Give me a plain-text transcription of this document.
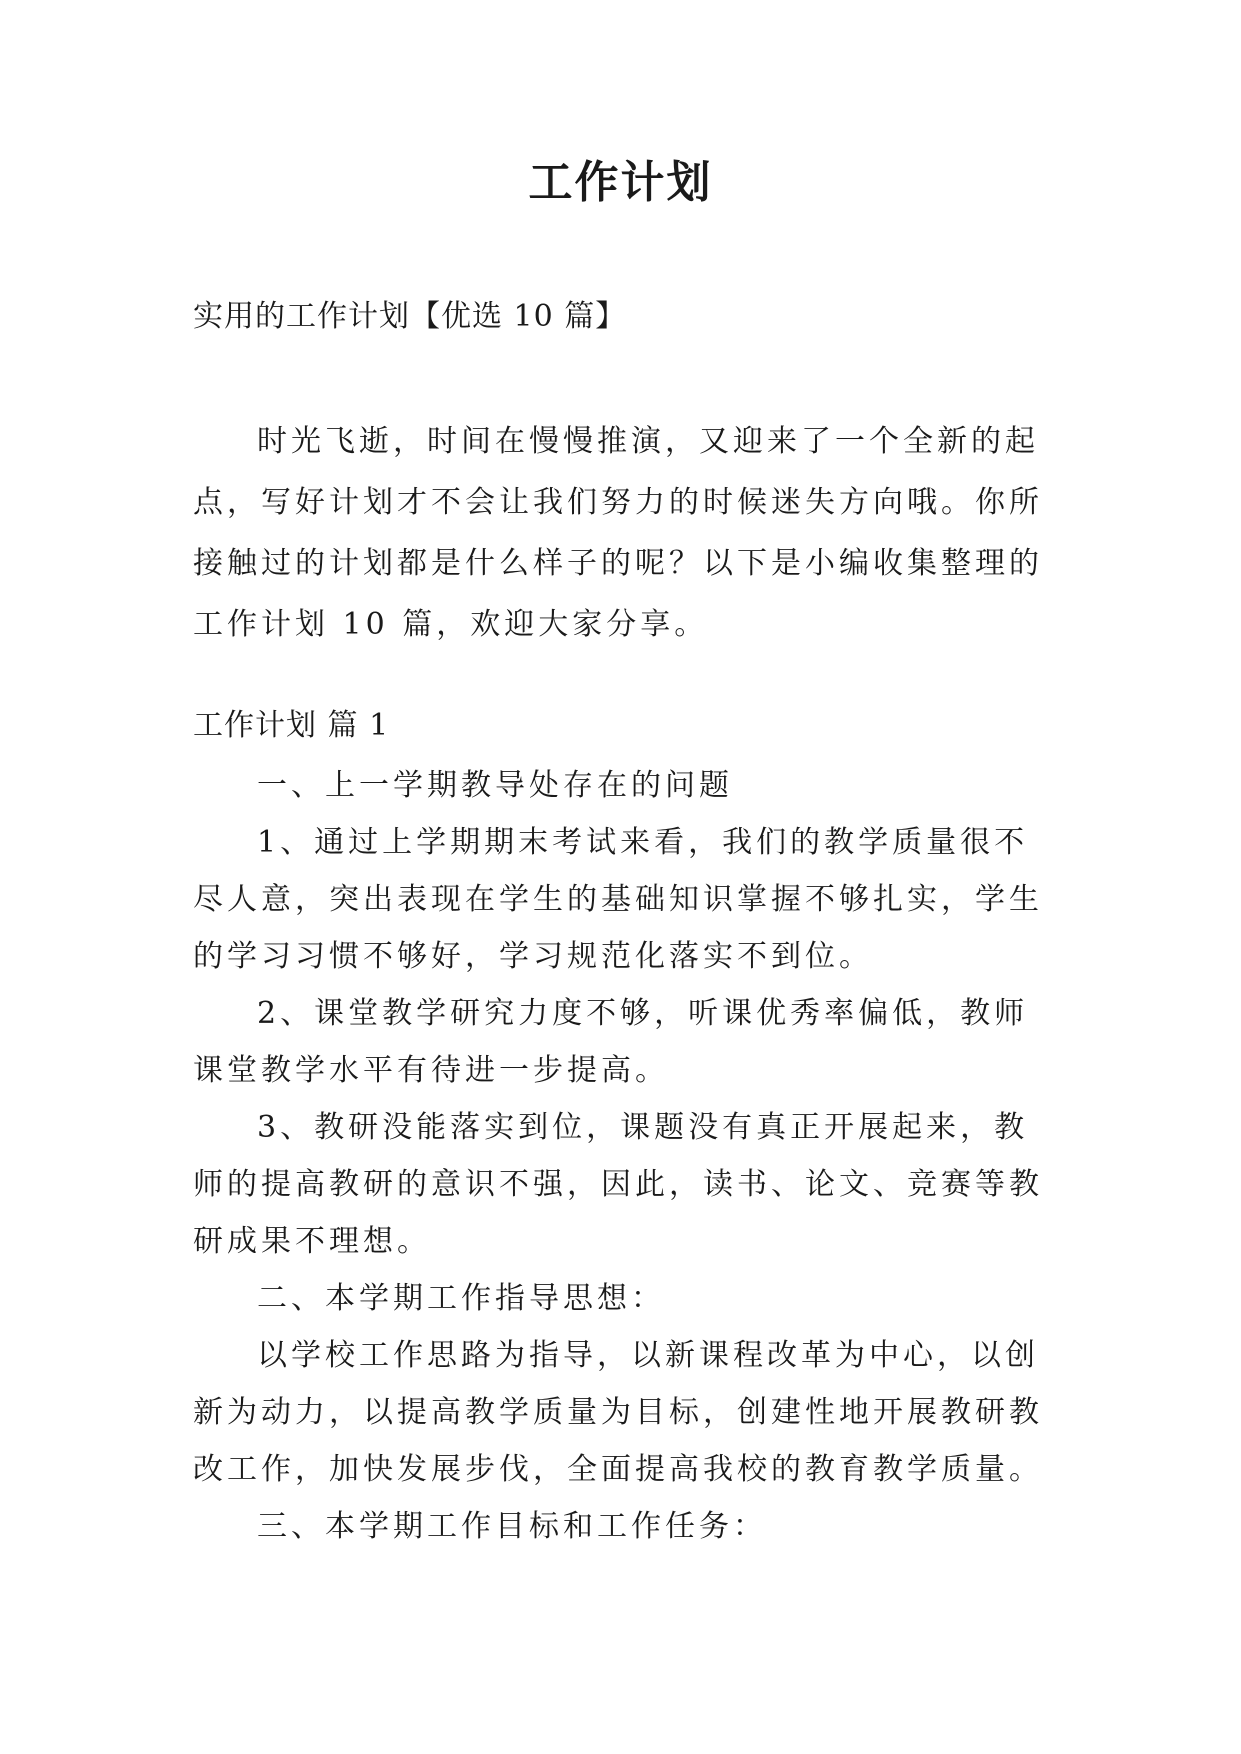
工作计划
实用的工作计划【优选 10 篇】

时光飞逝，时间在慢慢推演，又迎来了一个全新的起点，写好计划才不会让我们努力的时候迷失方向哦。你所接触过的计划都是什么样子的呢？以下是小编收集整理的工作计划 10 篇，欢迎大家分享。

工作计划 篇 1

一、上一学期教导处存在的问题

1、通过上学期期末考试来看，我们的教学质量很不尽人意，突出表现在学生的基础知识掌握不够扎实，学生的学习习惯不够好，学习规范化落实不到位。

2、课堂教学研究力度不够，听课优秀率偏低，教师课堂教学水平有待进一步提高。

3、教研没能落实到位，课题没有真正开展起来，教师的提高教研的意识不强，因此，读书、论文、竞赛等教研成果不理想。

二、本学期工作指导思想：

以学校工作思路为指导，以新课程改革为中心，以创新为动力，以提高教学质量为目标，创建性地开展教研教改工作，加快发展步伐，全面提高我校的教育教学质量。

三、本学期工作目标和工作任务：
